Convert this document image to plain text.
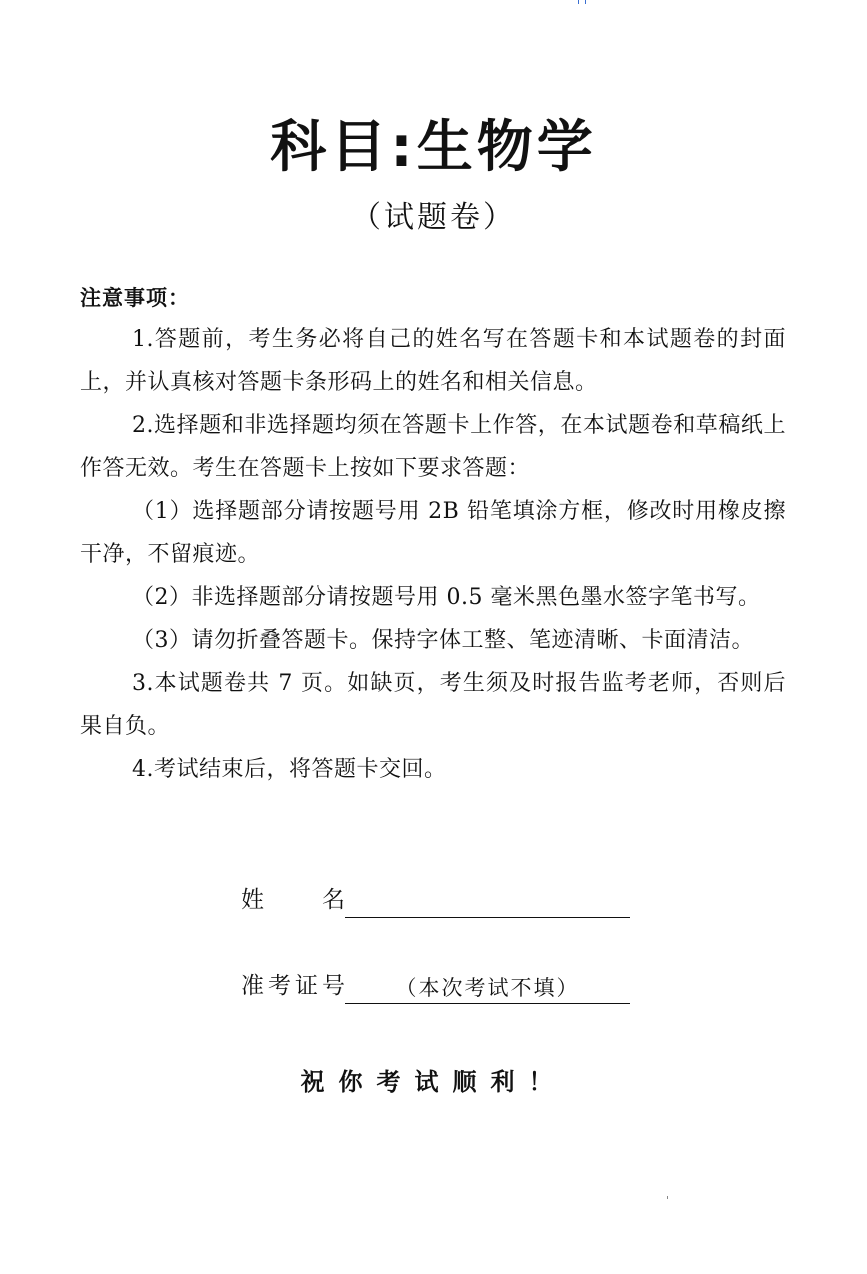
科目:生物学
（试题卷）
注意事项：

1.答题前，考生务必将自己的姓名写在答题卡和本试题卷的封面上，并认真核对答题卡条形码上的姓名和相关信息。

2.选择题和非选择题均须在答题卡上作答，在本试题卷和草稿纸上作答无效。考生在答题卡上按如下要求答题：

（1）选择题部分请按题号用 2B 铅笔填涂方框，修改时用橡皮擦干净，不留痕迹。

（2）非选择题部分请按题号用 0.5 毫米黑色墨水签字笔书写。

（3）请勿折叠答题卡。保持字体工整、笔迹清晰、卡面清洁。

3.本试题卷共 7 页。如缺页，考生须及时报告监考老师，否则后果自负。

4.考试结束后，将答题卡交回。

姓　名
准考证号	（本次考试不填）
祝你考试顺利！
